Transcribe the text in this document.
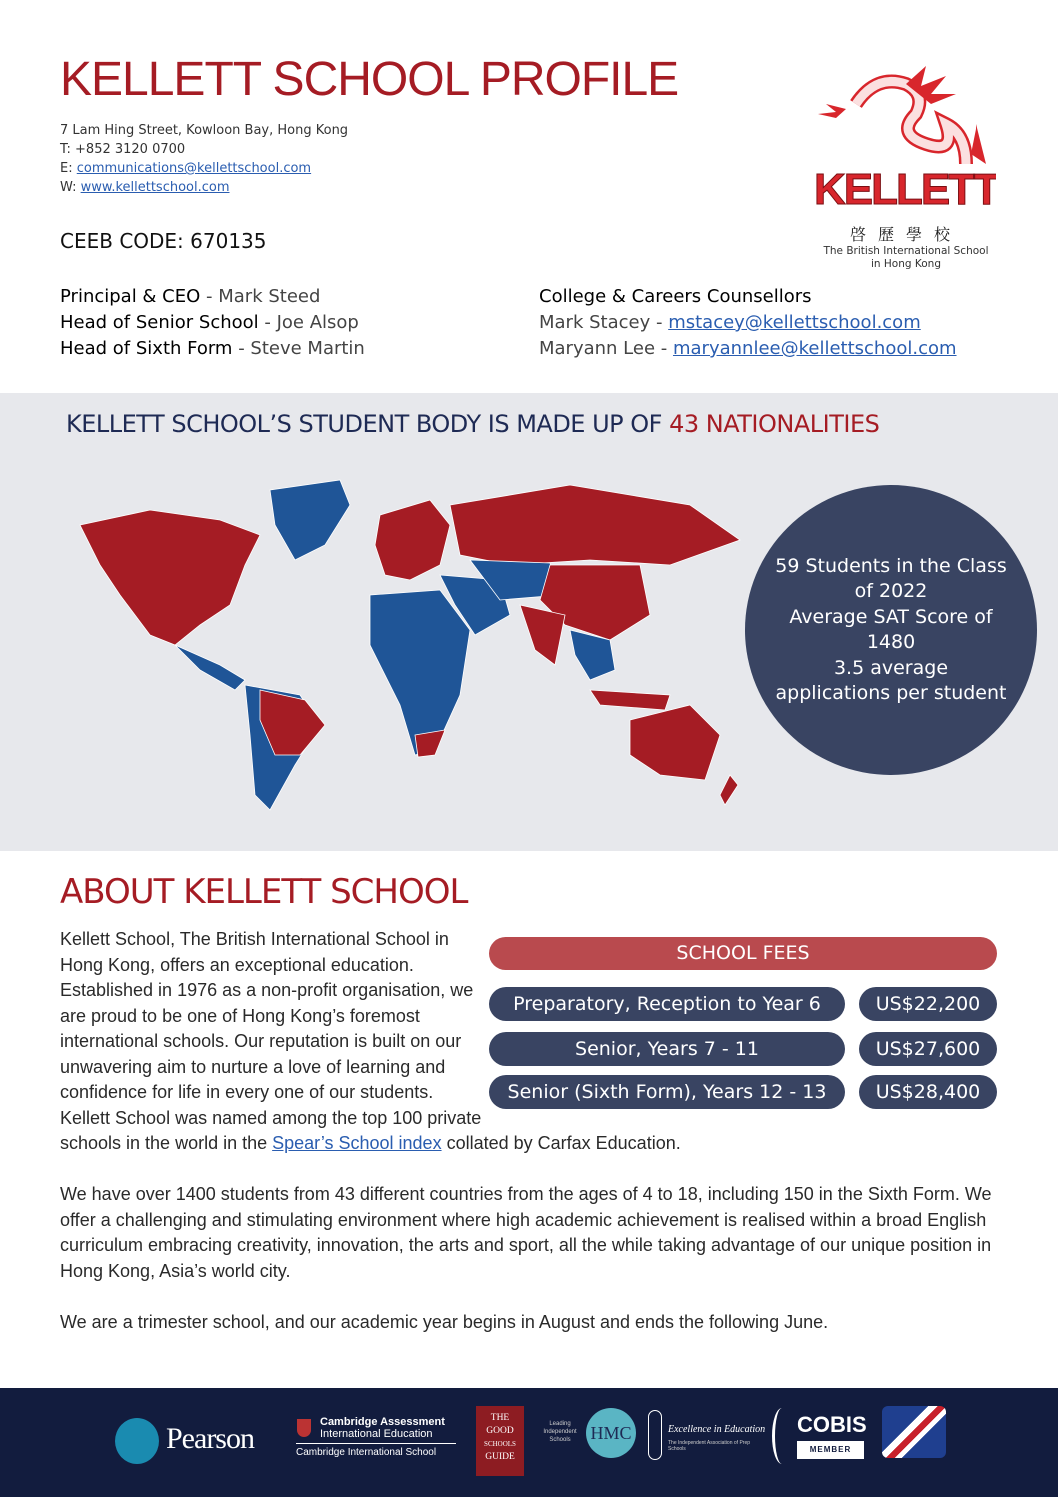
KELLETT SCHOOL PROFILE
7 Lam Hing Street, Kowloon Bay, Hong Kong
T: +852 3120 0700
E: communications@kellettschool.com
W: www.kellettschool.com
CEEB CODE: 670135
Principal & CEO - Mark Steed
Head of Senior School - Joe Alsop
Head of Sixth Form - Steve Martin
College & Careers Counsellors
Mark Stacey - mstacey@kellettschool.com
Maryann Lee - maryannlee@kellettschool.com
KELLETT
啓歷學校
The British International School
in Hong Kong
KELLETT SCHOOL’S STUDENT BODY IS MADE UP OF 43 NATIONALITIES
59 Students in the Class of 2022
Average SAT Score of 1480
3.5 average applications per student
ABOUT KELLETT SCHOOL

Kellett School, The British International School in Hong Kong, offers an exceptional education. Established in 1976 as a non-profit organisation, we are proud to be one of Hong Kong’s foremost international schools. Our reputation is built on our unwavering aim to nurture a love of learning and confidence for life in every one of our students. Kellett School was named among the top 100 private schools in the world in the Spear’s School index collated by Carfax Education.

We have over 1400 students from 43 different countries from the ages of 4 to 18, including 150 in the Sixth Form. We offer a challenging and stimulating environment where high academic achievement is realised within a broad English curriculum embracing creativity, innovation, the arts and sport, all the while taking advantage of our unique position in Hong Kong, Asia’s world city.

We are a trimester school, and our academic year begins in August and ends the following June.

SCHOOL FEES
Preparatory, Reception to Year 6	US$22,200
Senior, Years 7 - 11	US$27,600
Senior (Sixth Form), Years 12 - 13	US$28,400
Pearson	Cambridge Assessment
International Education
Cambridge International School
THE
GOOD
SCHOOLS
GUIDE
Leading Independent Schools	HMC	Excellence in Education
The Independent Association of Prep Schools
COBIS
MEMBER
